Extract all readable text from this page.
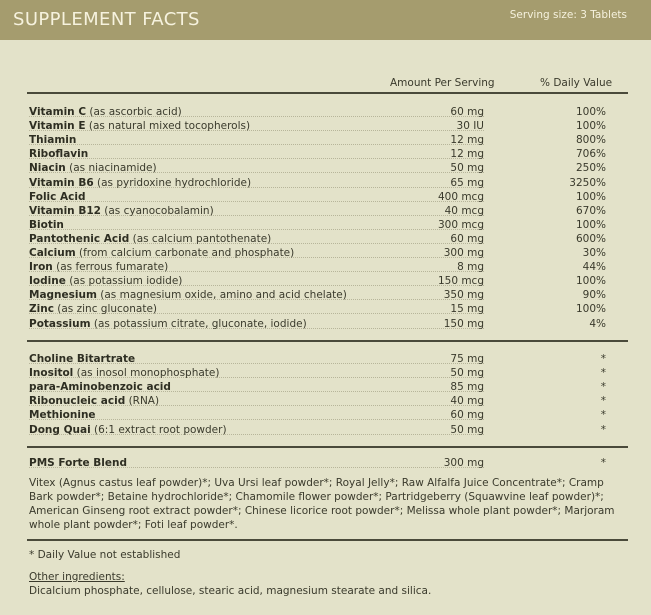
SUPPLEMENT FACTS	Serving size: 3 Tablets
Amount Per Serving	% Daily Value
Vitamin C (as ascorbic acid)	60 mg	100%
Vitamin E (as natural mixed tocopherols)	30 IU	100%
Thiamin	12 mg	800%
Riboflavin	12 mg	706%
Niacin (as niacinamide)	50 mg	250%
Vitamin B6 (as pyridoxine hydrochloride)	65 mg	3250%
Folic Acid	400 mcg	100%
Vitamin B12 (as cyanocobalamin)	40 mcg	670%
Biotin	300 mcg	100%
Pantothenic Acid (as calcium pantothenate)	60 mg	600%
Calcium (from calcium carbonate and phosphate)	300 mg	30%
Iron (as ferrous fumarate)	8 mg	44%
Iodine (as potassium iodide)	150 mcg	100%
Magnesium (as magnesium oxide, amino and acid chelate)	350 mg	90%
Zinc (as zinc gluconate)	15 mg	100%
Potassium (as potassium citrate, gluconate, iodide)	150 mg	4%
Choline Bitartrate	75 mg	*
Inositol (as inosol monophosphate)	50 mg	*
para-Aminobenzoic acid	85 mg	*
Ribonucleic acid (RNA)	40 mg	*
Methionine	60 mg	*
Dong Quai (6:1 extract root powder)	50 mg	*
PMS Forte Blend	300 mg	*
Vitex (Agnus castus leaf powder)*; Uva Ursi leaf powder*; Royal Jelly*; Raw Alfalfa Juice Concentrate*; Cramp Bark powder*; Betaine hydrochloride*; Chamomile flower powder*; Partridgeberry (Squawvine leaf powder)*; American Ginseng root extract powder*; Chinese licorice root powder*; Melissa whole plant powder*; Marjoram whole plant powder*; Foti leaf powder*.
* Daily Value not established
Other ingredients:
Dicalcium phosphate, cellulose, stearic acid, magnesium stearate and silica.
